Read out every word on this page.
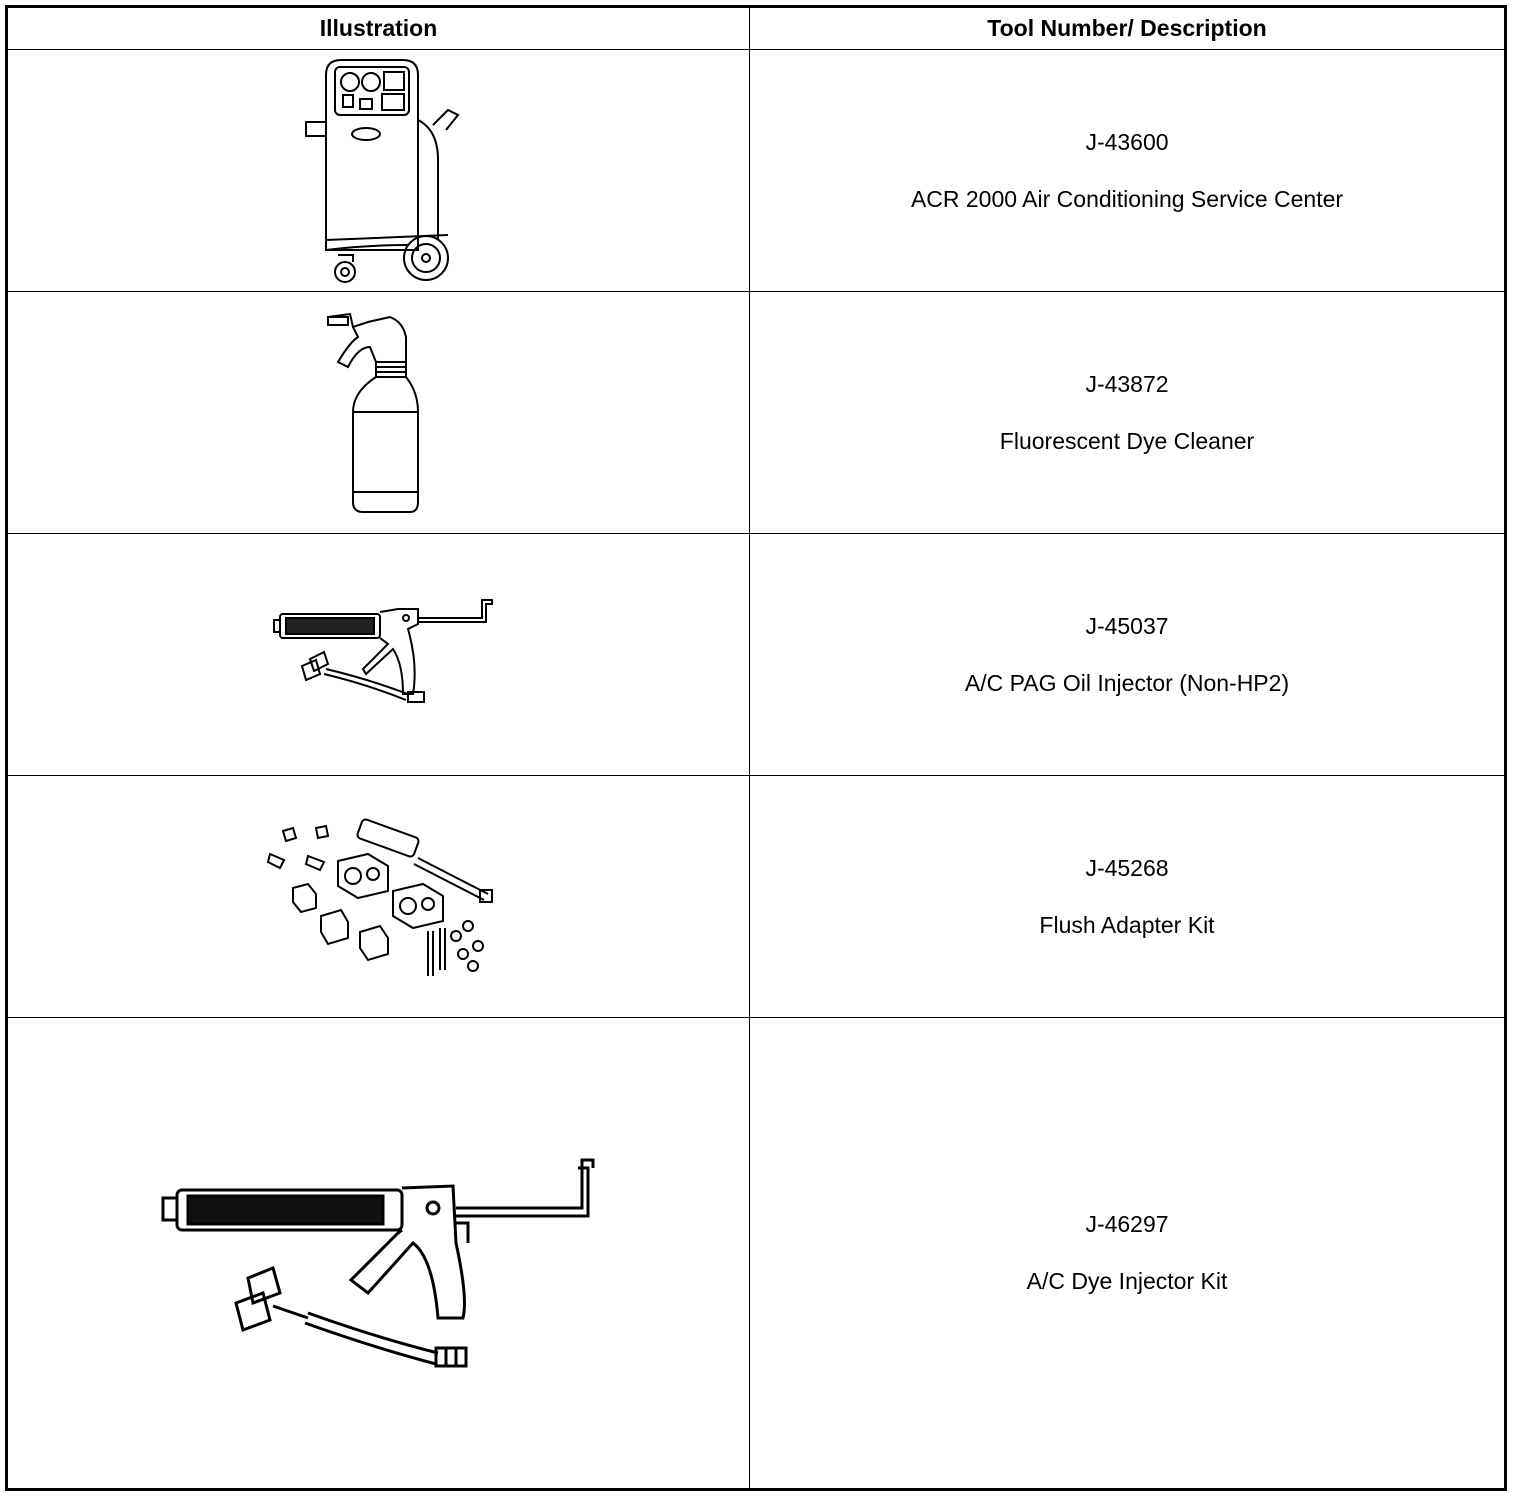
Illustration	Tool Number/ Description
J-43600
ACR 2000 Air Conditioning Service Center
J-43872
Fluorescent Dye Cleaner
J-45037
A/C PAG Oil Injector (Non-HP2)
J-45268
Flush Adapter Kit
J-46297
A/C Dye Injector Kit
